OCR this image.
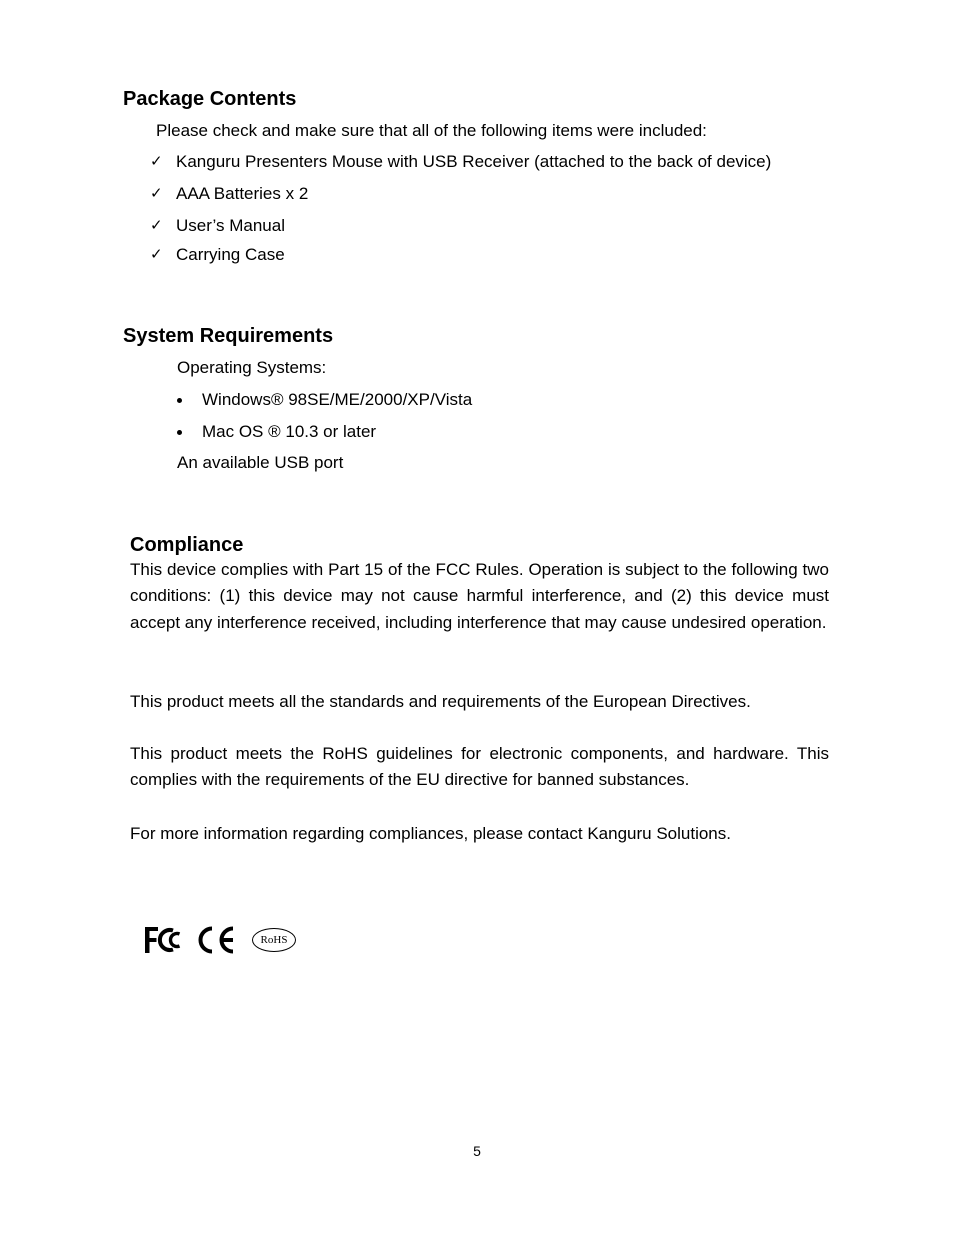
Package Contents
Please check and make sure that all of the following items were included:
✓ Kanguru Presenters Mouse with USB Receiver (attached to the back of device)
✓ AAA Batteries x 2
✓ User’s Manual
✓ Carrying Case
System Requirements
Operating Systems:
Windows® 98SE/ME/2000/XP/Vista
Mac OS ® 10.3 or later
An available USB port
Compliance

This device complies with Part 15 of the FCC Rules. Operation is subject to the following two conditions: (1) this device may not cause harmful interference, and (2) this device must accept any interference received, including interference that may cause undesired operation.

This product meets all the standards and requirements of the European Directives.

This product meets the RoHS guidelines for electronic components, and hardware. This complies with the requirements of the EU directive for banned substances.

For more information regarding compliances, please contact Kanguru Solutions.

RoHS
5
